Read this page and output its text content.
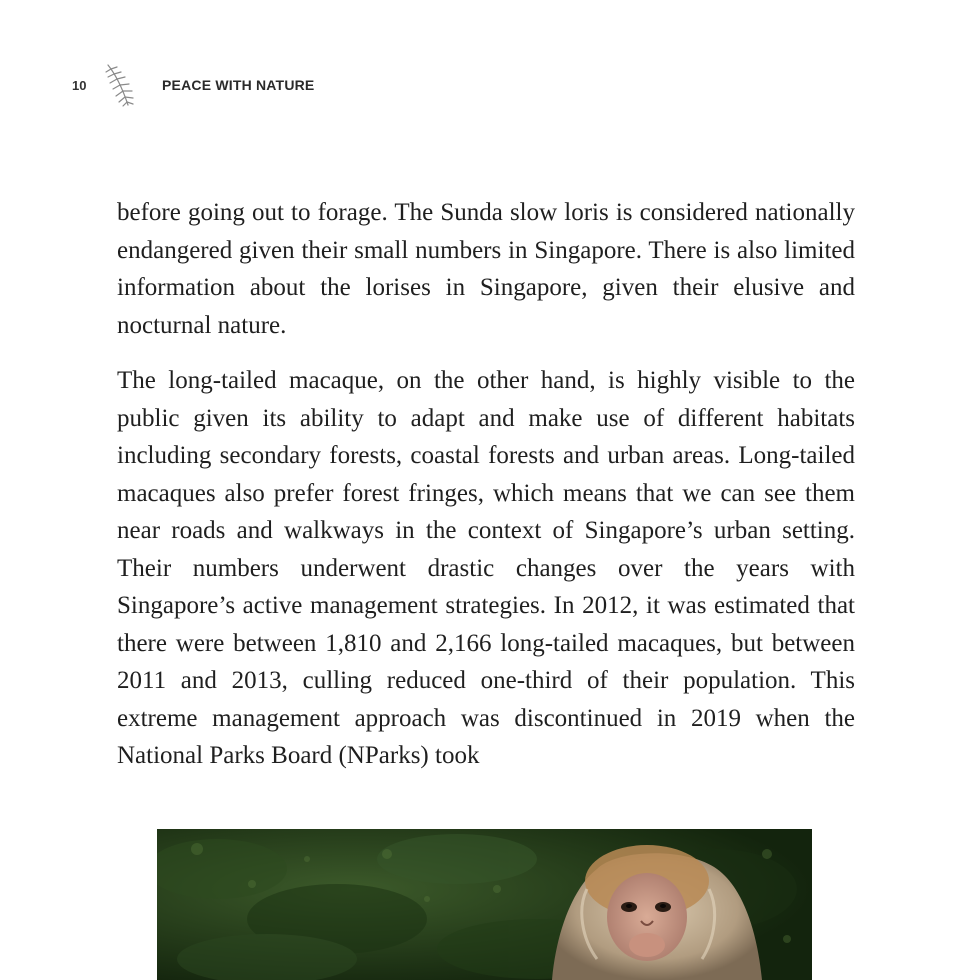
10	PEACE WITH NATURE

before going out to forage. The Sunda slow loris is considered nationally endangered given their small numbers in Singapore. There is also limited information about the lorises in Singapore, given their elusive and nocturnal nature.

The long-tailed macaque, on the other hand, is highly visible to the public given its ability to adapt and make use of different habitats including secondary forests, coastal forests and urban areas. Long-tailed macaques also prefer forest fringes, which means that we can see them near roads and walkways in the context of Singapore’s urban setting. Their numbers underwent drastic changes over the years with Singapore’s active management strategies. In 2012, it was estimated that there were between 1,810 and 2,166 long-tailed macaques, but between 2011 and 2013, culling reduced one-third of their population. This extreme management approach was discontinued in 2019 when the National Parks Board (NParks) took
